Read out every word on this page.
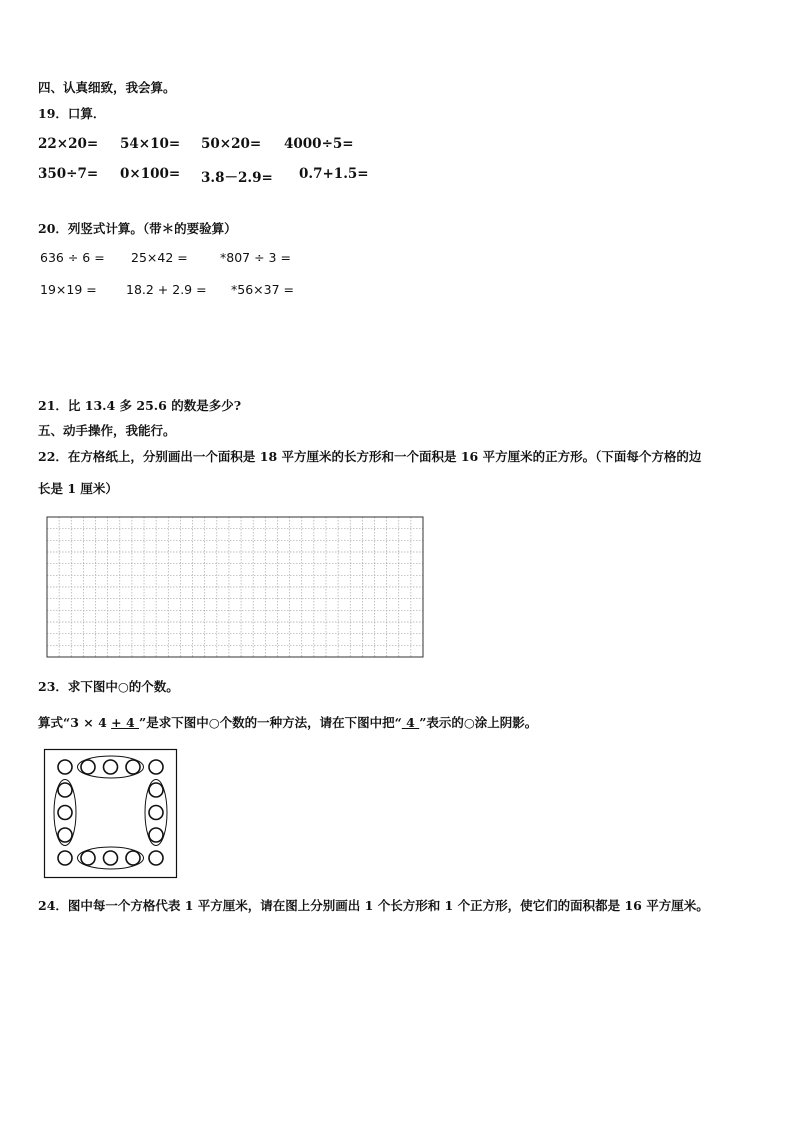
四、认真细致，我会算。
19．口算．
22×20= 54×10= 50×20= 4000÷5=
350÷7= 0×100= 3.8－2.9= 0.7+1.5=
20．列竖式计算。（带＊的要验算）
636 ÷ 6 = 25×42 =	*807 ÷ 3 =
19×19 = 18.2 + 2.9 = *56×37 =
21．比 13.4 多 25.6 的数是多少?
五、动手操作，我能行。
22．在方格纸上，分别画出一个面积是 18 平方厘米的长方形和一个面积是 16 平方厘米的正方形。（下面每个方格的边
长是 1 厘米）
23．求下图中○的个数。
算式“3 × 4 + 4 ”是求下图中○个数的一种方法，请在下图中把“ 4 ”表示的○涂上阴影。
24．图中每一个方格代表 1 平方厘米，请在图上分别画出 1 个长方形和 1 个正方形，使它们的面积都是 16 平方厘米。
